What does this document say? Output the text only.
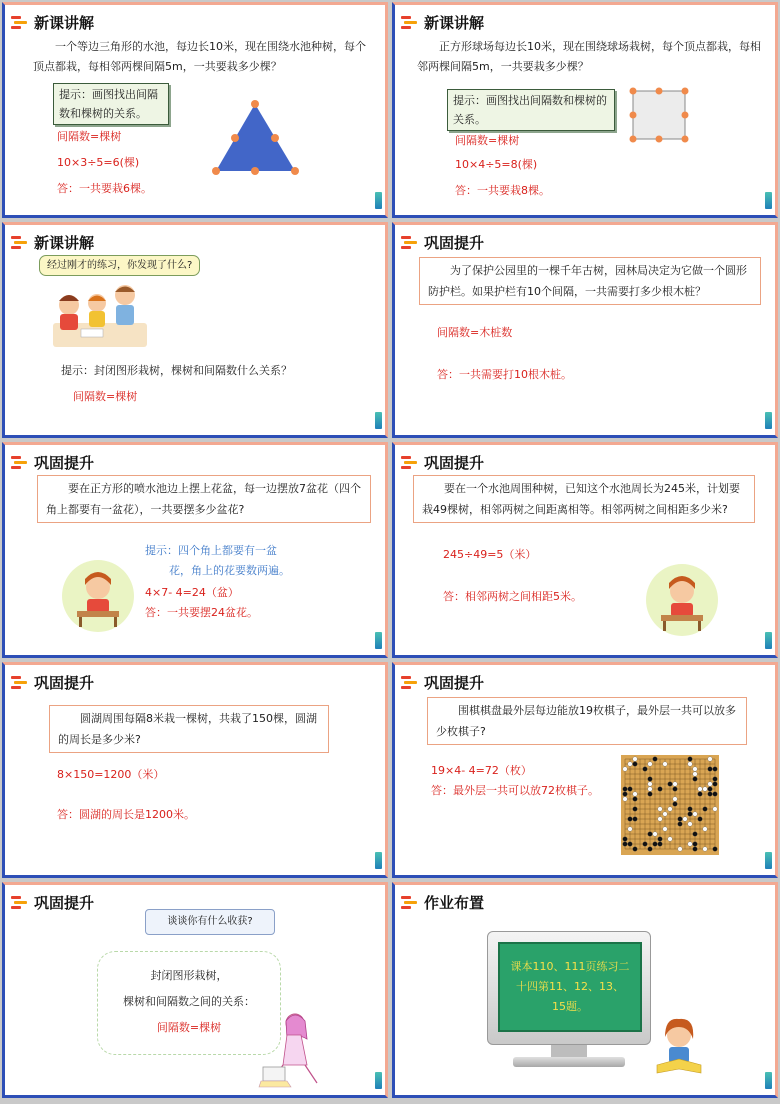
新课讲解
一个等边三角形的水池，每边长10米，现在围绕水池种树，每个顶点都栽，每相邻两棵间隔5m，一共要栽多少棵？
提示：画图找出间隔数和棵树的关系。
间隔数=棵树
10×3÷5=6(棵)
答：一共要栽6棵。
新课讲解
正方形球场每边长10米，现在围绕球场栽树，每个顶点都栽，每相邻两棵间隔5m，一共要栽多少棵？
提示：画图找出间隔数和棵树的关系。
间隔数=棵树
10×4÷5=8(棵)
答：一共要栽8棵。
新课讲解
经过刚才的练习，你发现了什么?
提示：封闭图形栽树，棵树和间隔数什么关系？
间隔数=棵树
巩固提升
为了保护公园里的一棵千年古树，园林局决定为它做一个圆形防护栏。如果护栏有10个间隔，一共需要打多少根木桩？
间隔数=木桩数
答：一共需要打10根木桩。
巩固提升
要在正方形的喷水池边上摆上花盆，每一边摆放7盆花（四个角上都要有一盆花），一共要摆多少盆花?
提示：四个角上都要有一盆
花，角上的花要数两遍。
4×7- 4=24（盆）
答：一共要摆24盆花。
巩固提升
要在一个水池周围种树，已知这个水池周长为245米，计划要栽49棵树，相邻两树之间距离相等。相邻两树之间相距多少米?
245÷49=5（米）
答：相邻两树之间相距5米。
巩固提升
圆湖周围每隔8米栽一棵树，共栽了150棵，圆湖的周长是多少米?
8×150=1200（米）
答：圆湖的周长是1200米。
巩固提升
围棋棋盘最外层每边能放19枚棋子，最外层一共可以放多少枚棋子?
19×4- 4=72（枚）
答：最外层一共可以放72枚棋子。
巩固提升
谈谈你有什么收获?
封闭图形栽树，
棵树和间隔数之间的关系：
间隔数=棵树
作业布置
课本110、111页练习二十四第11、12、13、15题。
